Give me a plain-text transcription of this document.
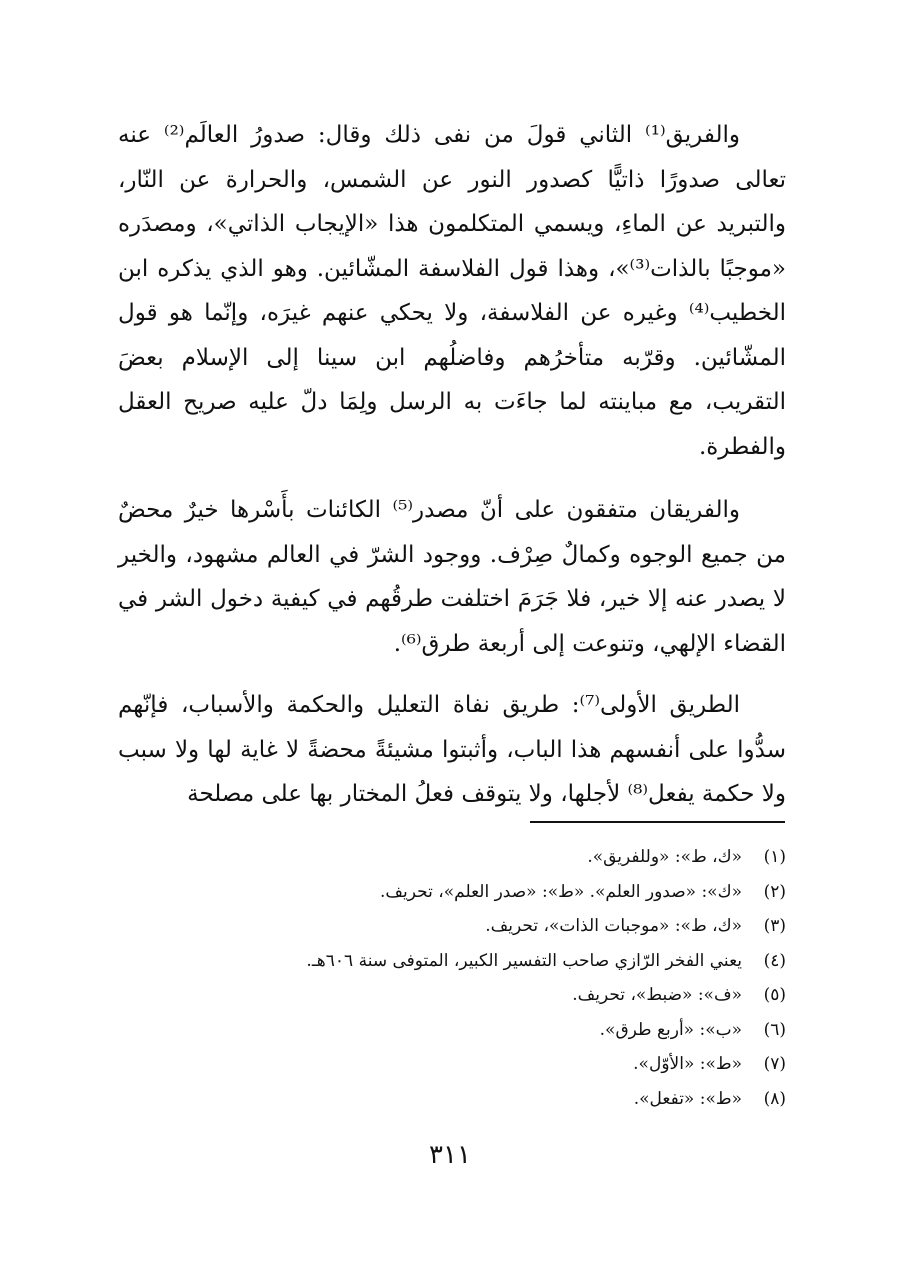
والفريق⁽¹⁾ الثاني قولَ من نفى ذلك وقال: صدورُ العالَم⁽²⁾ عنه تعالى صدورًا ذاتيًّا كصدور النور عن الشمس، والحرارة عن النّار، والتبريد عن الماءِ، ويسمي المتكلمون هذا «الإيجاب الذاتي»، ومصدَره «موجبًا بالذات⁽³⁾»، وهذا قول الفلاسفة المشّائين. وهو الذي يذكره ابن الخطيب⁽⁴⁾ وغيره عن الفلاسفة، ولا يحكي عنهم غيرَه، وإنّما هو قول المشّائين. وقرّبه متأخرُهم وفاضلُهم ابن سينا إلى الإسلام بعضَ التقريب، مع مباينته لما جاءَت به الرسل ولِمَا دلّ عليه صريح العقل والفطرة.

والفريقان متفقون على أنّ مصدر⁽⁵⁾ الكائنات بأَسْرها خيرٌ محضٌ من جميع الوجوه وكمالٌ صِرْف. ووجود الشرّ في العالم مشهود، والخير لا يصدر عنه إلا خير، فلا جَرَمَ اختلفت طرقُهم في كيفية دخول الشر في القضاء الإلهي، وتنوعت إلى أربعة طرق⁽⁶⁾.

الطريق الأولى⁽⁷⁾: طريق نفاة التعليل والحكمة والأسباب، فإنّهم سدُّوا على أنفسهم هذا الباب، وأثبتوا مشيئةً محضةً لا غاية لها ولا سبب ولا حكمة يفعل⁽⁸⁾ لأجلها، ولا يتوقف فعلُ المختار بها على مصلحة

(١)
«ك، ط»: «وللفريق».
(٢)
«ك»: «صدور العلم». «ط»: «صدر العلم»، تحريف.
(٣)
«ك، ط»: «موجبات الذات»، تحريف.
(٤)
يعني الفخر الرّازي صاحب التفسير الكبير، المتوفى سنة ٦٠٦هـ.
(٥)
«ف»: «ضبط»، تحريف.
(٦)
«ب»: «أربع طرق».
(٧)
«ط»: «الأوّل».
(٨)
«ط»: «تفعل».
٣١١
